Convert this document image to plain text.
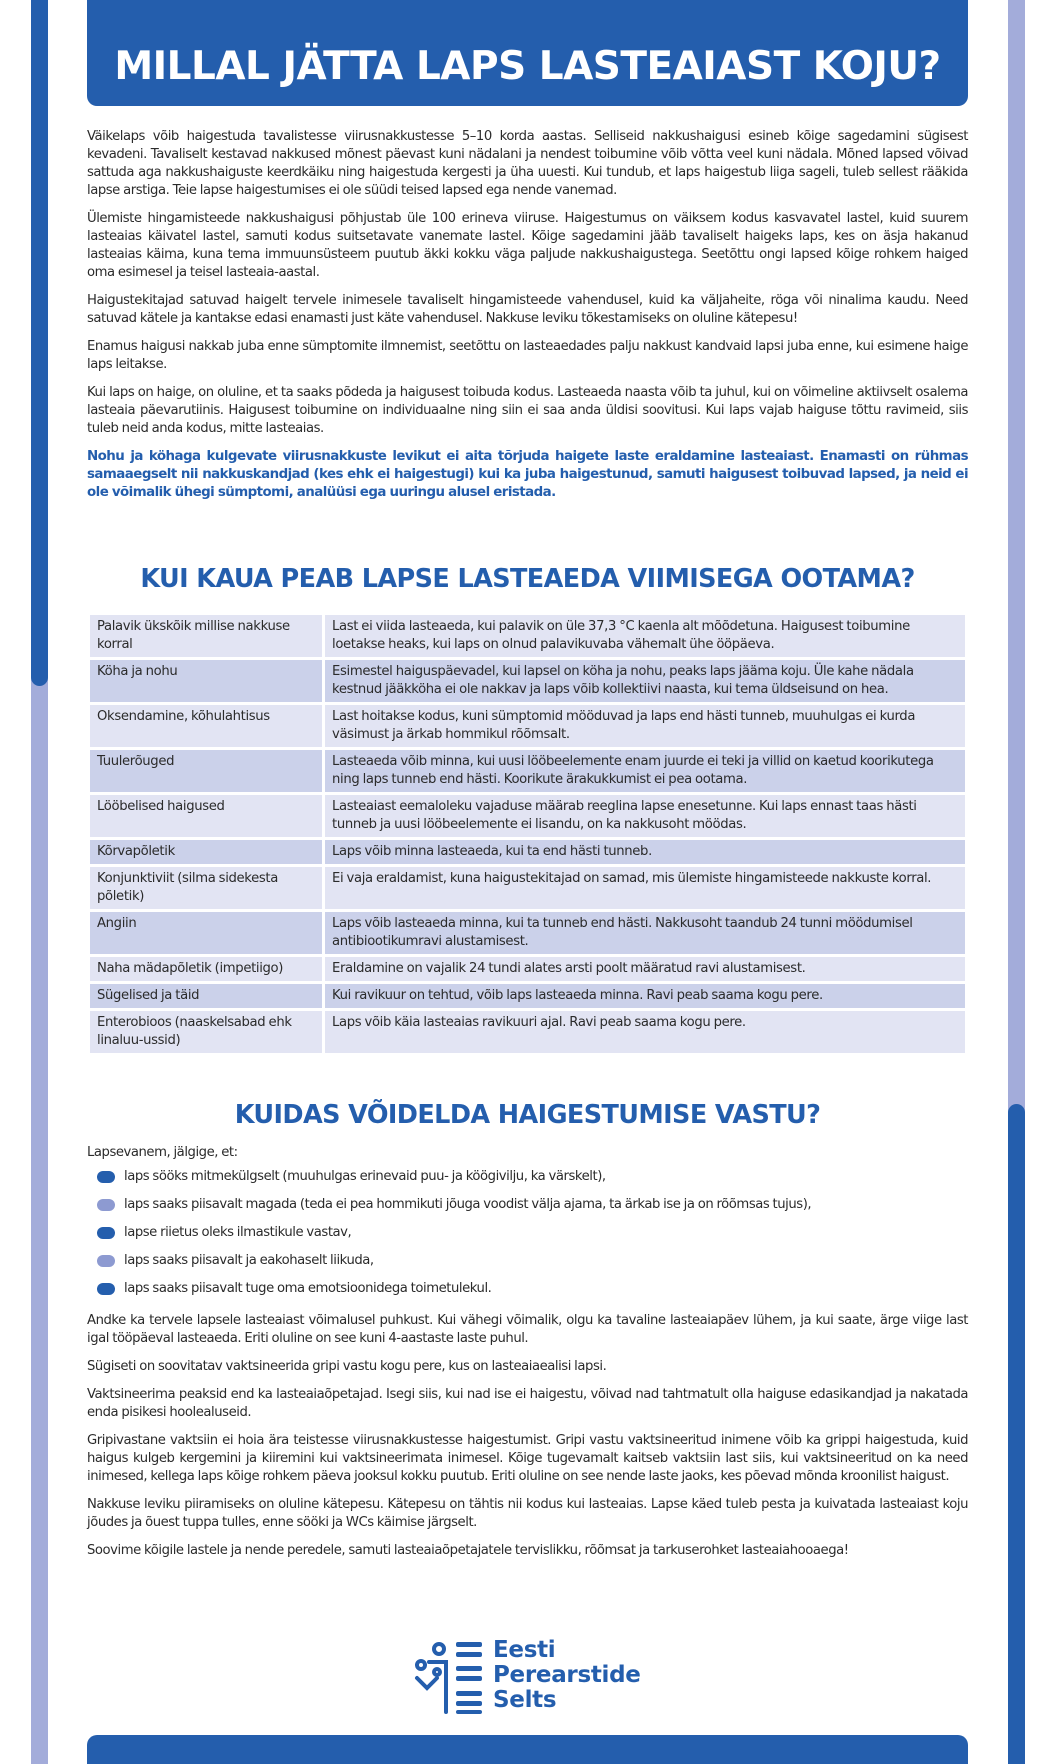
MILLAL JÄTTA LAPS LASTEAIAST KOJU?

Väikelaps võib haigestuda tavalistesse viirusnakkustesse 5–10 korda aastas. Selliseid nakkushaigusi esineb kõige sagedamini sügisest kevadeni. Tavaliselt kestavad nakkused mõnest päevast kuni nädalani ja nendest toibumine võib võtta veel kuni nädala. Mõned lapsed võivad sattuda aga nakkushaiguste keerdkäiku ning haigestuda kergesti ja üha uuesti. Kui tundub, et laps haigestub liiga sageli, tuleb sellest rääkida lapse arstiga. Teie lapse haigestumises ei ole süüdi teised lapsed ega nende vanemad.

Ülemiste hingamisteede nakkushaigusi põhjustab üle 100 erineva viiruse. Haigestumus on väiksem kodus kasvavatel lastel, kuid suurem lasteaias käivatel lastel, samuti kodus suitsetavate vanemate lastel. Kõige sagedamini jääb tavaliselt haigeks laps, kes on äsja hakanud lasteaias käima, kuna tema immuunsüsteem puutub äkki kokku väga paljude nakkushaigustega. Seetõttu ongi lapsed kõige rohkem haiged oma esimesel ja teisel lasteaia-aastal.

Haigustekitajad satuvad haigelt tervele inimesele tavaliselt hingamisteede vahendusel, kuid ka väljaheite, röga või ninalima kaudu. Need satuvad kätele ja kantakse edasi enamasti just käte vahendusel. Nakkuse leviku tõkestamiseks on oluline kätepesu!

Enamus haigusi nakkab juba enne sümptomite ilmnemist, seetõttu on lasteaedades palju nakkust kandvaid lapsi juba enne, kui esimene haige laps leitakse.

Kui laps on haige, on oluline, et ta saaks põdeda ja haigusest toibuda kodus. Lasteaeda naasta võib ta juhul, kui on võimeline aktiivselt osalema lasteaia päevarutiinis. Haigusest toibumine on individuaalne ning siin ei saa anda üldisi soovitusi. Kui laps vajab haiguse tõttu ravimeid, siis tuleb neid anda kodus, mitte lasteaias.

Nohu ja köhaga kulgevate viirusnakkuste levikut ei aita tõrjuda haigete laste eraldamine lasteaiast. Enamasti on rühmas samaaegselt nii nakkuskandjad (kes ehk ei haigestugi) kui ka juba haigestunud, samuti haigusest toibuvad lapsed, ja neid ei ole võimalik ühegi sümptomi, analüüsi ega uuringu alusel eristada.

KUI KAUA PEAB LAPSE LASTEAEDA VIIMISEGA OOTAMA?
Palavik ükskõik millise nakkuse korral	Last ei viida lasteaeda, kui palavik on üle 37,3 °C kaenla alt mõõdetuna. Haigusest toibumine loetakse heaks, kui laps on olnud palavikuvaba vähemalt ühe ööpäeva.
Köha ja nohu	Esimestel haiguspäevadel, kui lapsel on köha ja nohu, peaks laps jääma koju. Üle kahe nädala kestnud jääkköha ei ole nakkav ja laps võib kollektiivi naasta, kui tema üldseisund on hea.
Oksendamine, kõhulahtisus	Last hoitakse kodus, kuni sümptomid mööduvad ja laps end hästi tunneb, muuhulgas ei kurda väsimust ja ärkab hommikul rõõmsalt.
Tuulerõuged	Lasteaeda võib minna, kui uusi lööbeelemente enam juurde ei teki ja villid on kaetud koorikutega ning laps tunneb end hästi. Koorikute ärakukkumist ei pea ootama.
Lööbelised haigused	Lasteaiast eemaloleku vajaduse määrab reeglina lapse enesetunne. Kui laps ennast taas hästi tunneb ja uusi lööbeelemente ei lisandu, on ka nakkusoht möödas.
Kõrvapõletik	Laps võib minna lasteaeda, kui ta end hästi tunneb.
Konjunktiviit (silma sidekesta põletik)	Ei vaja eraldamist, kuna haigustekitajad on samad, mis ülemiste hingamisteede nakkuste korral.
Angiin	Laps võib lasteaeda minna, kui ta tunneb end hästi. Nakkusoht taandub 24 tunni möödumisel antibiootikumravi alustamisest.
Naha mädapõletik (impetiigo)	Eraldamine on vajalik 24 tundi alates arsti poolt määratud ravi alustamisest.
Sügelised ja täid	Kui ravikuur on tehtud, võib laps lasteaeda minna. Ravi peab saama kogu pere.
Enterobioos (naaskelsabad ehk linaluu-ussid)	Laps võib käia lasteaias ravikuuri ajal. Ravi peab saama kogu pere.
KUIDAS VÕIDELDA HAIGESTUMISE VASTU?

Lapsevanem, jälgige, et:

laps sööks mitmekülgselt (muuhulgas erinevaid puu- ja köögivilju, ka värskelt),
laps saaks piisavalt magada (teda ei pea hommikuti jõuga voodist välja ajama, ta ärkab ise ja on rõõmsas tujus),
lapse riietus oleks ilmastikule vastav,
laps saaks piisavalt ja eakohaselt liikuda,
laps saaks piisavalt tuge oma emotsioonidega toimetulekul.

Andke ka tervele lapsele lasteaiast võimalusel puhkust. Kui vähegi võimalik, olgu ka tavaline lasteaiapäev lühem, ja kui saate, ärge viige last igal tööpäeval lasteaeda. Eriti oluline on see kuni 4-aastaste laste puhul.

Sügiseti on soovitatav vaktsineerida gripi vastu kogu pere, kus on lasteaiaealisi lapsi.

Vaktsineerima peaksid end ka lasteaiaõpetajad. Isegi siis, kui nad ise ei haigestu, võivad nad tahtmatult olla haiguse edasikandjad ja nakatada enda pisikesi hoolealuseid.

Gripivastane vaktsiin ei hoia ära teistesse viirusnakkustesse haigestumist. Gripi vastu vaktsineeritud inimene võib ka grippi haigestuda, kuid haigus kulgeb kergemini ja kiiremini kui vaktsineerimata inimesel. Kõige tugevamalt kaitseb vaktsiin last siis, kui vaktsineeritud on ka need inimesed, kellega laps kõige rohkem päeva jooksul kokku puutub. Eriti oluline on see nende laste jaoks, kes põevad mõnda kroonilist haigust.

Nakkuse leviku piiramiseks on oluline kätepesu. Kätepesu on tähtis nii kodus kui lasteaias. Lapse käed tuleb pesta ja kuivatada lasteaiast koju jõudes ja õuest tuppa tulles, enne sööki ja WCs käimise järgselt.

Soovime kõigile lastele ja nende peredele, samuti lasteaiaõpetajatele tervislikku, rõõmsat ja tarkuserohket lasteaiahooaega!

Eesti
Perearstide
Selts
